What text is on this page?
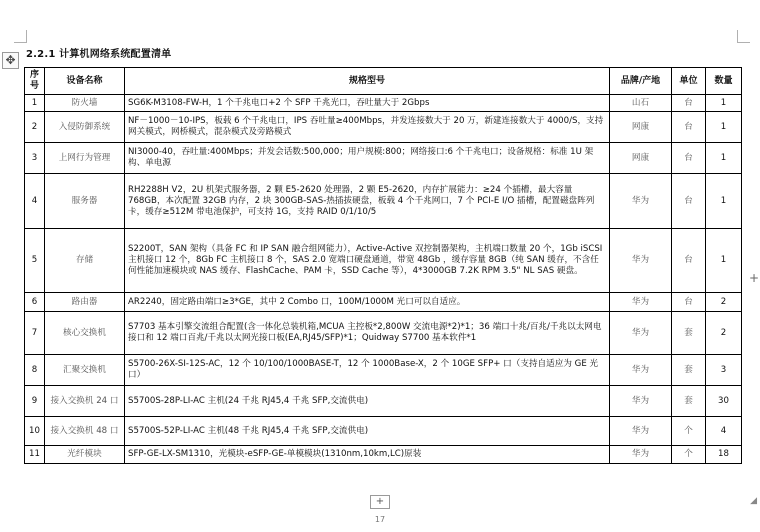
✥	2.2.1 计算机网络系统配置清单
序号	设备名称	规格型号	品牌/产地	单位	数量
1	防火墙	SG6K-M3108-FW-H，1 个千兆电口+2 个 SFP 千兆光口，吞吐量大于 2Gbps	山石	台	1
2	入侵防御系统	NF－1000－10-IPS，板载 6 个千兆电口，IPS 吞吐量≥400Mbps，并发连接数大于 20 万，新建连接数大于 4000/S，支持网关模式，网桥模式，混杂模式及旁路模式	网康	台	1
3	上网行为管理	NI3000-40，吞吐量:400Mbps；并发会话数:500,000；用户规模:800；网络接口:6 个千兆电口；设备规格：标准 1U 架构、单电源	网康	台	1
4	服务器	RH2288H V2，2U 机架式服务器，2 颗 E5-2620 处理器，2 颗 E5-2620，内存扩展能力：≥24 个插槽，最大容量 768GB，本次配置 32GB 内存，2 块 300GB-SAS-热插拔硬盘，板载 4 个千兆网口，7 个 PCI-E I/O 插槽，配置磁盘阵列卡，缓存≥512M 带电池保护，可支持 1G，支持 RAID 0/1/10/5	华为	台	1
5	存储	S2200T，SAN 架构（具备 FC 和 IP SAN 融合组网能力），Active-Active 双控制器架构，主机端口数量 20 个，1Gb iSCSI 主机接口 12 个，8Gb FC 主机接口 8 个，SAS 2.0 宽端口硬盘通道，带宽 48Gb ，缓存容量 8GB（纯 SAN 缓存，不含任何性能加速模块或 NAS 缓存、FlashCache、PAM 卡，SSD Cache 等），4*3000GB 7.2K RPM 3.5" NL SAS 硬盘。	华为	台	1
6	路由器	AR2240，固定路由端口≥3*GE，其中 2 Combo 口，100M/1000M 光口可以自适应。	华为	台	2
7	核心交换机	S7703 基本引擎交流组合配置(含一体化总装机箱,MCUA 主控板*2,800W 交流电源*2)*1；36 端口十兆/百兆/千兆以太网电接口和 12 端口百兆/千兆以太网光接口板(EA,RJ45/SFP)*1；Quidway S7700 基本软件*1	华为	套	2
8	汇聚交换机	S5700-26X-SI-12S-AC，12 个 10/100/1000BASE-T，12 个 1000Base-X，2 个 10GE SFP+ 口（支持自适应为 GE 光口）	华为	套	3
9	接入交换机 24 口	S5700S-28P-LI-AC 主机(24 千兆 RJ45,4 千兆 SFP,交流供电)	华为	套	30
10	接入交换机 48 口	S5700S-52P-LI-AC 主机(48 千兆 RJ45,4 千兆 SFP,交流供电)	华为	个	4
11	光纤模块	SFP-GE-LX-SM1310，光模块-eSFP-GE-单模模块(1310nm,10km,LC)原装	华为	个	18
+
+	◢
17
